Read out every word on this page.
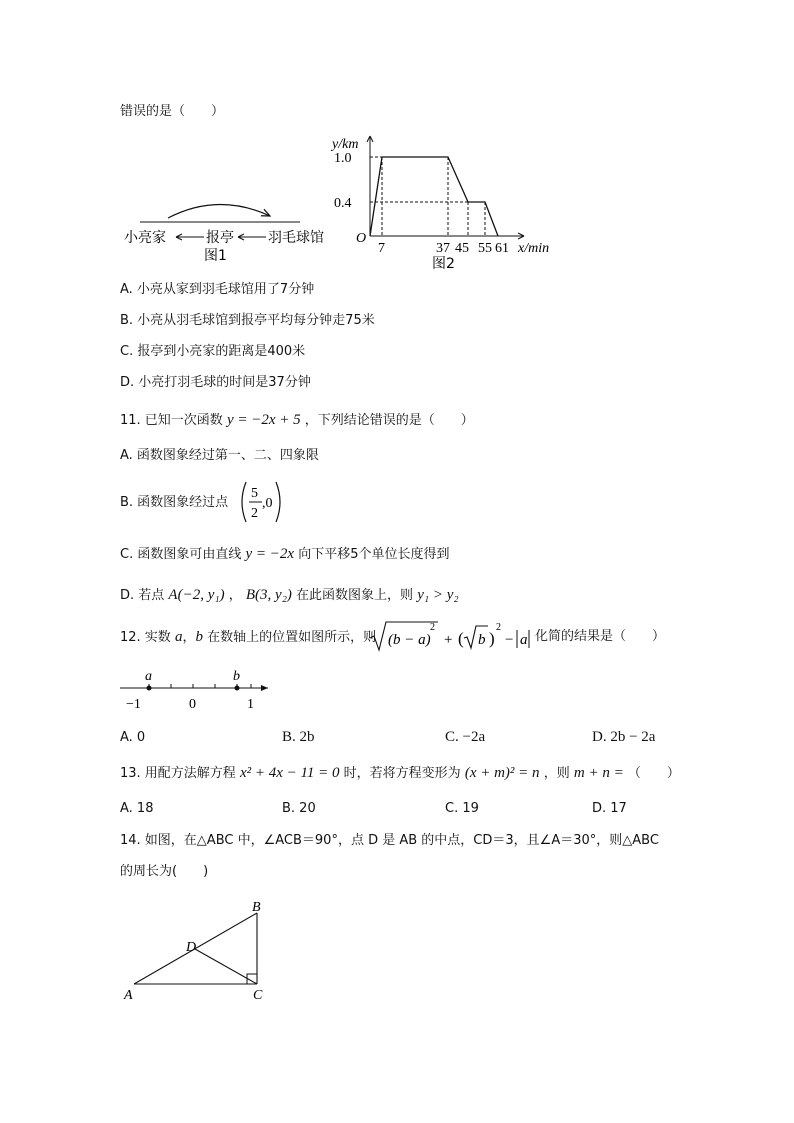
错误的是（　　）
小亮家	报亭 羽毛球馆
图1
y/km
1.0
0.4
O
7	37 45 55 61 x/min
图2
A. 小亮从家到羽毛球馆用了7分钟
B. 小亮从羽毛球馆到报亭平均每分钟走75米
C. 报亭到小亮家的距离是400米
D. 小亮打羽毛球的时间是37分钟
11. 已知一次函数 y = −2x + 5 ，下列结论错误的是（　　）
A. 函数图象经过第一、二、四象限
B. 函数图象经过点
5
2
,0
C. 函数图象可由直线 y = −2x 向下平移5个单位长度得到
D. 若点 A(−2, y₁) ， B(3, y₂) 在此函数图象上，则 y₁ > y₂
12. 实数 a，b 在数轴上的位置如图所示，则 (b − a)
2
+ ( b )
2
− a 化简的结果是（　　）
a	b
−1	0	1
A. 0	B. 2b	C. −2a	D. 2b − 2a
13. 用配方法解方程 x² + 4x − 11 = 0 时，若将方程变形为 (x + m)² = n ，则 m + n = （　　）
A. 18	B. 20	C. 19	D. 17
14. 如图，在△ABC 中，∠ACB＝90°，点 D 是 AB 的中点，CD＝3，且∠A＝30°，则△ABC
的周长为(　　)
A
B
C
D
